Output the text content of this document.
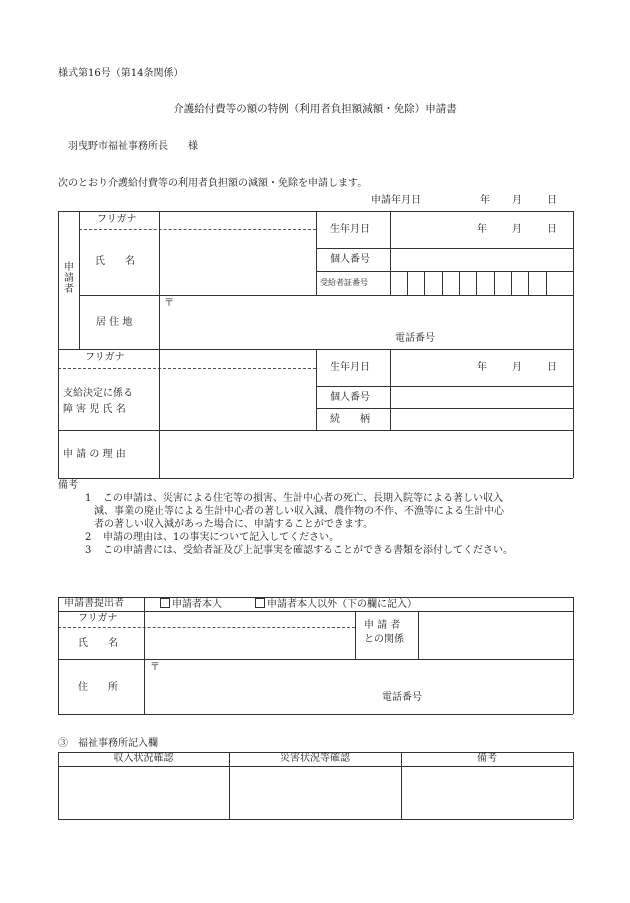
様式第16号（第14条関係）
介護給付費等の額の特例（利用者負担額減額・免除）申請書
羽曳野市福祉事務所長　　様
次のとおり介護給付費等の利用者負担額の減額・免除を申請します。
申請年月日	年 月	日
申請者
フリガナ
氏　　名
居 住 地
〒
電話番号
生年月日	年	月	日
個人番号
受給者証番号
フリガナ
支給決定に係る
障 害 児 氏 名
生年月日	年	月	日
個人番号
続　　柄
申 請 の 理 由
備考
1 この申請は、災害による住宅等の損害、生計中心者の死亡、長期入院等による著しい収入
減、事業の廃止等による生計中心者の著しい収入減、農作物の不作、不漁等による生計中心
者の著しい収入減があった場合に、申請することができます。
2 申請の理由は、1の事実について記入してください。
3 この申請書には、受給者証及び上記事実を確認することができる書類を添付してください。
申請書提出者	申請者本人	申請者本人以外（下の欄に記入）
フリガナ
氏　　名
申 請 者
との関係
住　　所
〒
電話番号
③　福祉事務所記入欄
収入状況確認	災害状況等確認	備考
